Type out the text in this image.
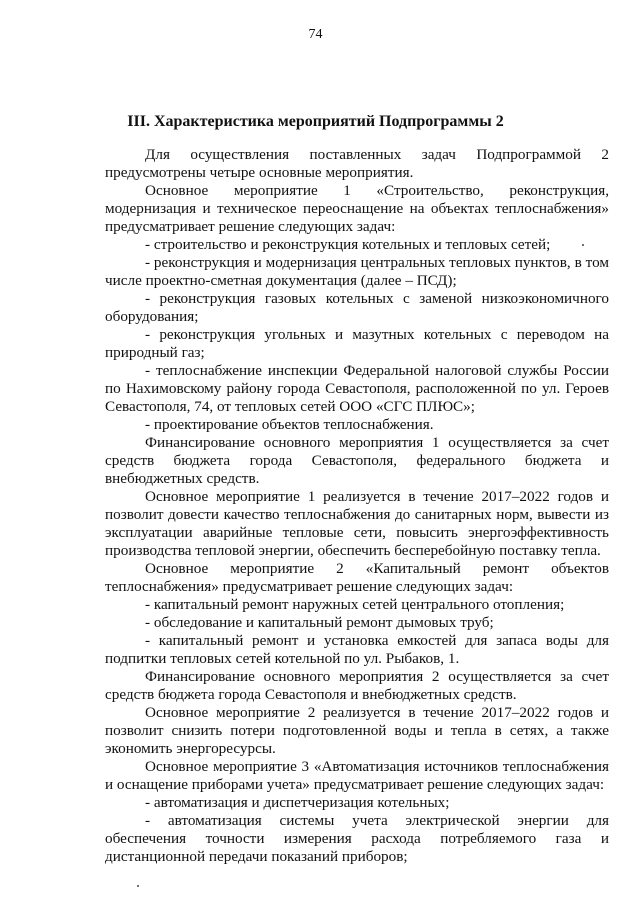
74
III. Характеристика мероприятий Подпрограммы 2

Для осуществления поставленных задач Подпрограммой 2 предусмотрены четыре основные мероприятия.

Основное мероприятие 1 «Строительство, реконструкция, модернизация и техническое переоснащение на объектах теплоснабжения» предусматривает решение следующих задач:

- строительство и реконструкция котельных и тепловых сетей;

- реконструкция и модернизация центральных тепловых пунктов, в том числе проектно-сметная документация (далее – ПСД);

- реконструкция газовых котельных с заменой низкоэкономичного оборудования;

- реконструкция угольных и мазутных котельных с переводом на природный газ;

- теплоснабжение инспекции Федеральной налоговой службы России по Нахимовскому району города Севастополя, расположенной по ул. Героев Севастополя, 74, от тепловых сетей ООО «СГС ПЛЮС»;

- проектирование объектов теплоснабжения.

Финансирование основного мероприятия 1 осуществляется за счет средств бюджета города Севастополя, федерального бюджета и внебюджетных средств.

Основное мероприятие 1 реализуется в течение 2017–2022 годов и позволит довести качество теплоснабжения до санитарных норм, вывести из эксплуатации аварийные тепловые сети, повысить энергоэффективность производства тепловой энергии, обеспечить бесперебойную поставку тепла.

Основное мероприятие 2 «Капитальный ремонт объектов теплоснабжения» предусматривает решение следующих задач:

- капитальный ремонт наружных сетей центрального отопления;

- обследование и капитальный ремонт дымовых труб;

- капитальный ремонт и установка емкостей для запаса воды для подпитки тепловых сетей котельной по ул. Рыбаков, 1.

Финансирование основного мероприятия 2 осуществляется за счет средств бюджета города Севастополя и внебюджетных средств.

Основное мероприятие 2 реализуется в течение 2017–2022 годов и позволит снизить потери подготовленной воды и тепла в сетях, а также экономить энергоресурсы.

Основное мероприятие 3 «Автоматизация источников теплоснабжения и оснащение приборами учета» предусматривает решение следующих задач:

- автоматизация и диспетчеризация котельных;

- автоматизация системы учета электрической энергии для обеспечения точности измерения расхода потребляемого газа и дистанционной передачи показаний приборов;
